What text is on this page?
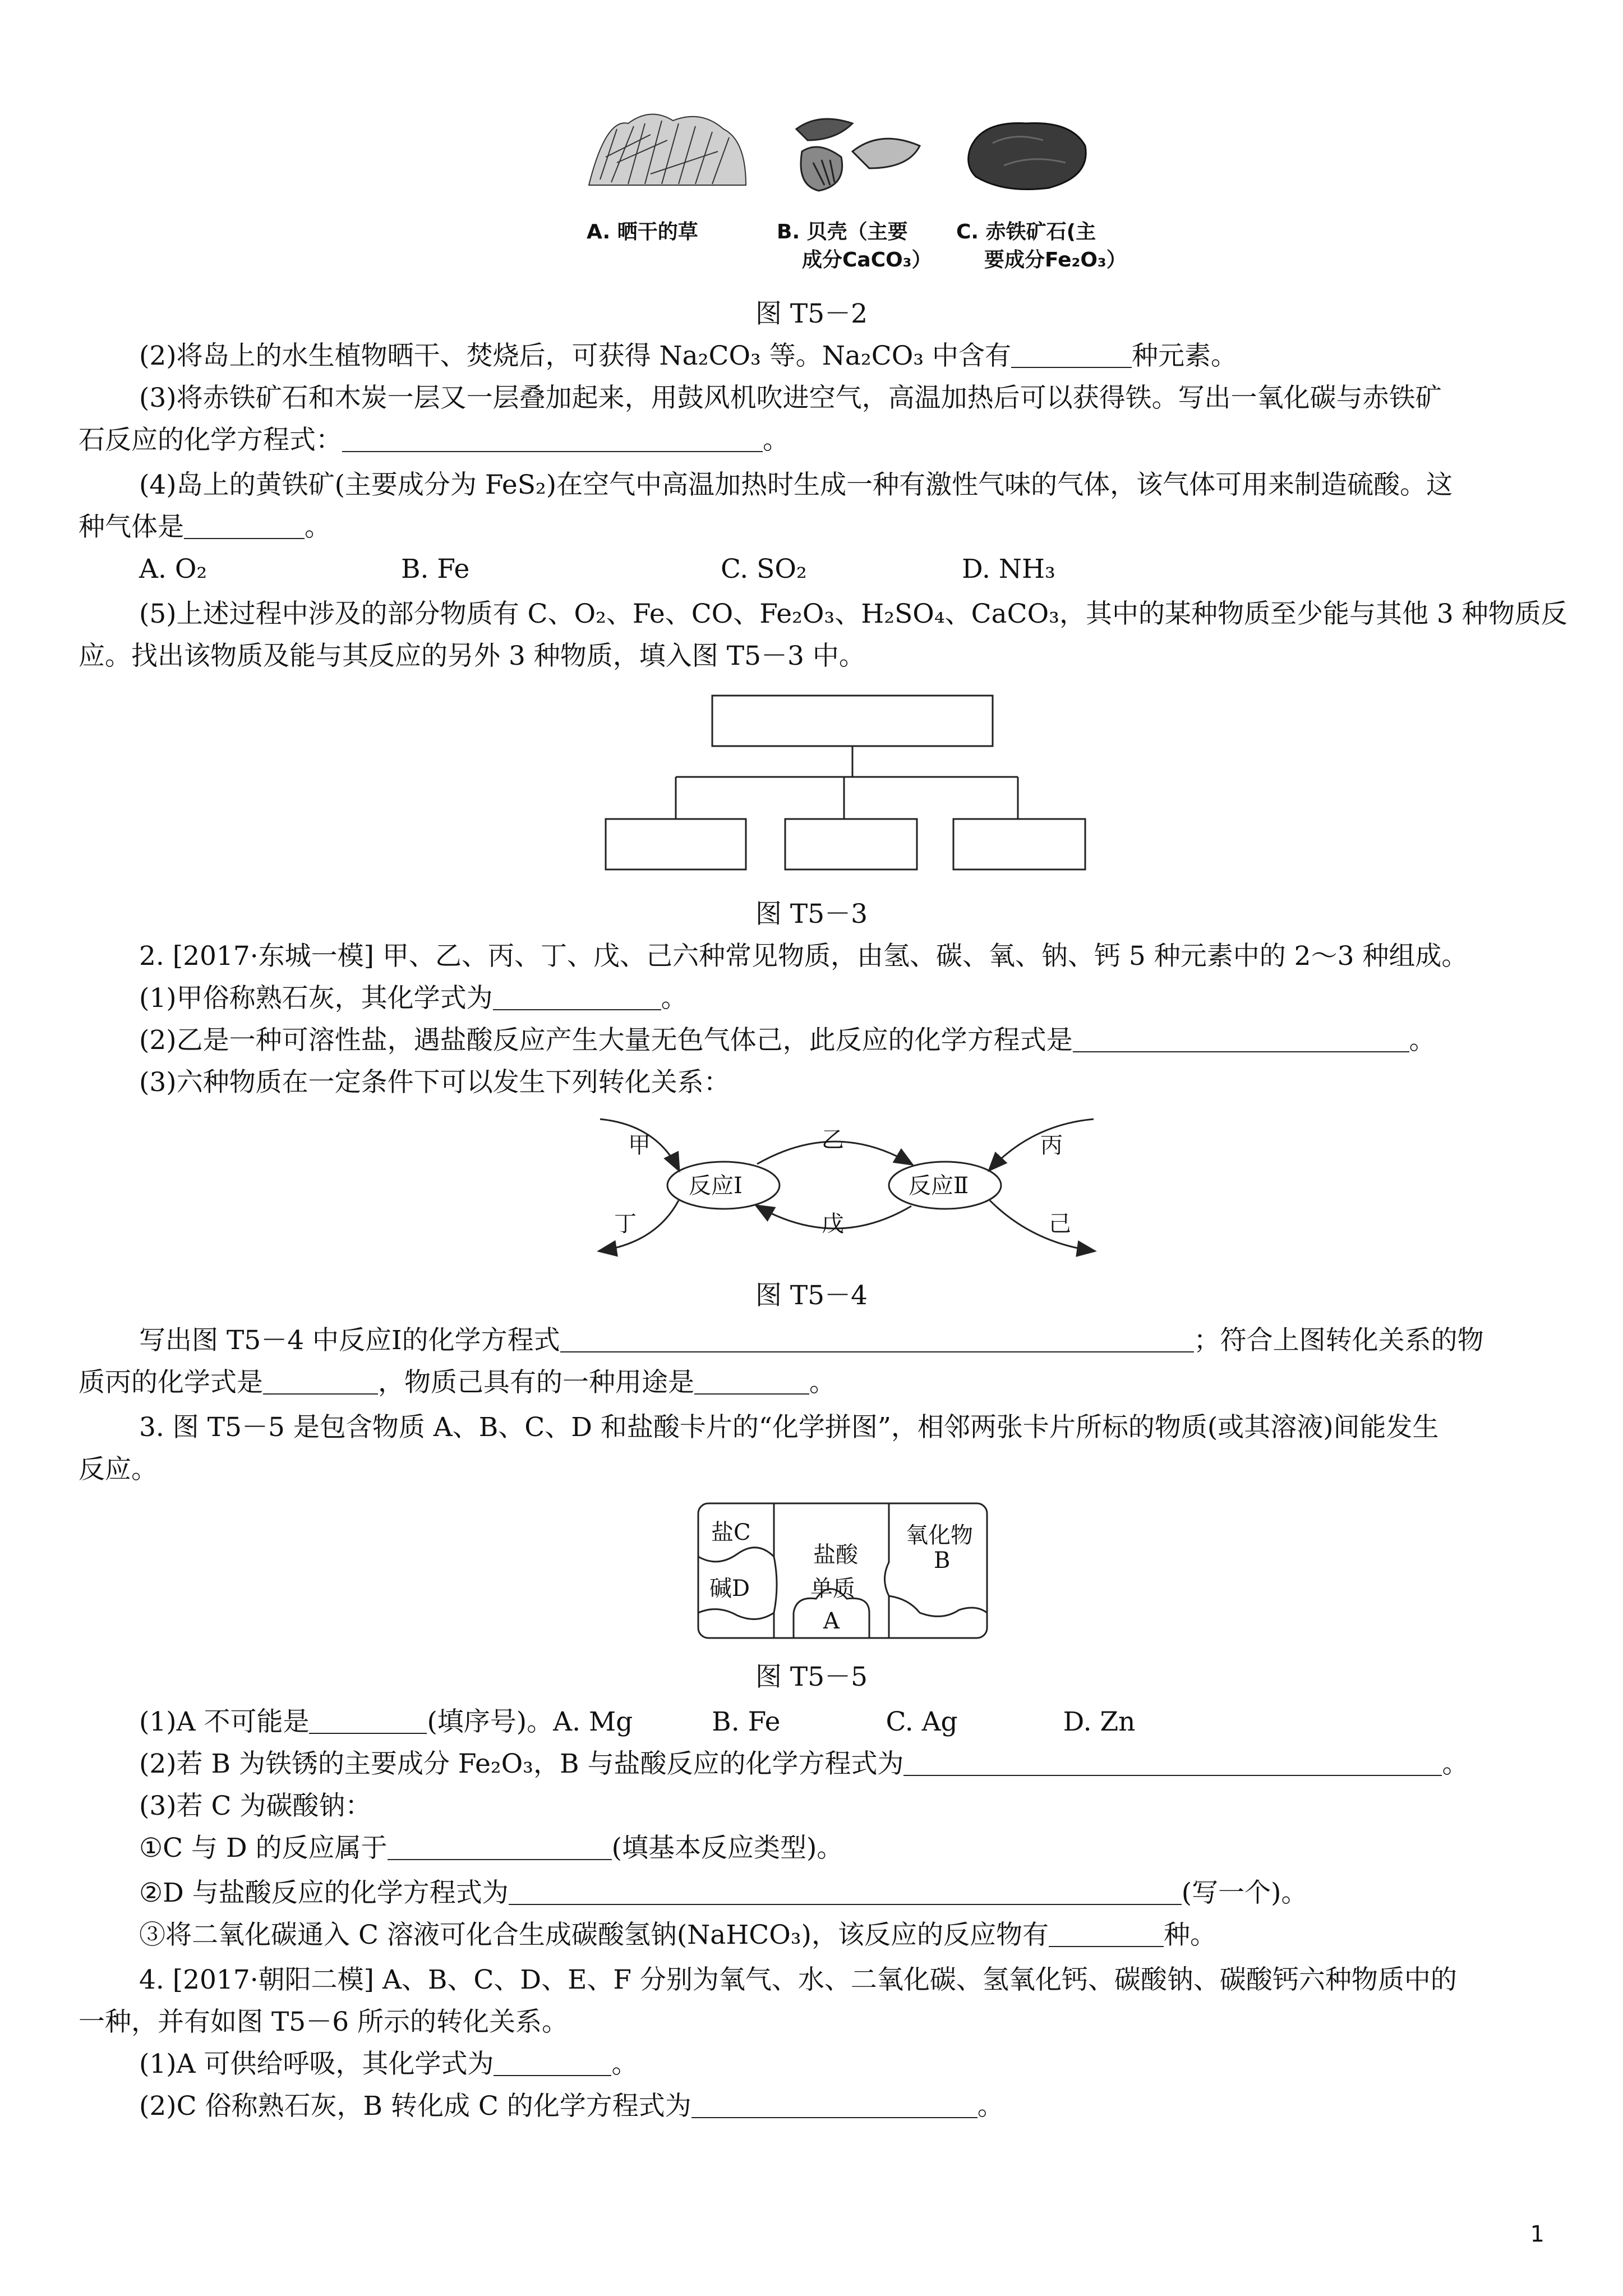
A. 晒干的草	B. 贝壳（主要
成分CaCO₃）
C. 赤铁矿石(主
要成分Fe₂O₃）
图 T5－2
(2)将岛上的水生植物晒干、焚烧后，可获得 Na₂CO₃ 等。Na₂CO₃ 中含有	种元素。
(3)将赤铁矿石和木炭一层又一层叠加起来，用鼓风机吹进空气，高温加热后可以获得铁。写出一氧化碳与赤铁矿
石反应的化学方程式：	。
(4)岛上的黄铁矿(主要成分为 FeS₂)在空气中高温加热时生成一种有激性气味的气体，该气体可用来制造硫酸。这
种气体是	。
A. O₂	B. Fe	C. SO₂	D. NH₃
(5)上述过程中涉及的部分物质有 C、O₂、Fe、CO、Fe₂O₃、H₂SO₄、CaCO₃，其中的某种物质至少能与其他 3 种物质反
应。找出该物质及能与其反应的另外 3 种物质，填入图 T5－3 中。
图 T5－3
2. [2017·东城一模] 甲、乙、丙、丁、戊、己六种常见物质，由氢、碳、氧、钠、钙 5 种元素中的 2～3 种组成。
(1)甲俗称熟石灰，其化学式为	。
(2)乙是一种可溶性盐，遇盐酸反应产生大量无色气体己，此反应的化学方程式是	。
(3)六种物质在一定条件下可以发生下列转化关系：
甲
丁
乙
戊
丙
己
反应Ⅰ	反应Ⅱ
图 T5－4
写出图 T5－4 中反应Ⅰ的化学方程式	；符合上图转化关系的物
质丙的化学式是	，物质己具有的一种用途是	。
3. 图 T5－5 是包含物质 A、B、C、D 和盐酸卡片的“化学拼图”，相邻两张卡片所标的物质(或其溶液)间能发生
反应。
盐C
盐酸
氧化物
B
碱D	单质
A
图 T5－5
(1)A 不可能是	(填序号)。A. Mg　　　B. Fe　　　　C. Ag　　　　D. Zn
(2)若 B 为铁锈的主要成分 Fe₂O₃，B 与盐酸反应的化学方程式为	。
(3)若 C 为碳酸钠：
①C 与 D 的反应属于	(填基本反应类型)。
②D 与盐酸反应的化学方程式为	(写一个)。
③将二氧化碳通入 C 溶液可化合生成碳酸氢钠(NaHCO₃)，该反应的反应物有	种。
4. [2017·朝阳二模] A、B、C、D、E、F 分别为氧气、水、二氧化碳、氢氧化钙、碳酸钠、碳酸钙六种物质中的
一种，并有如图 T5－6 所示的转化关系。
(1)A 可供给呼吸，其化学式为	。
(2)C 俗称熟石灰，B 转化成 C 的化学方程式为	。
1
